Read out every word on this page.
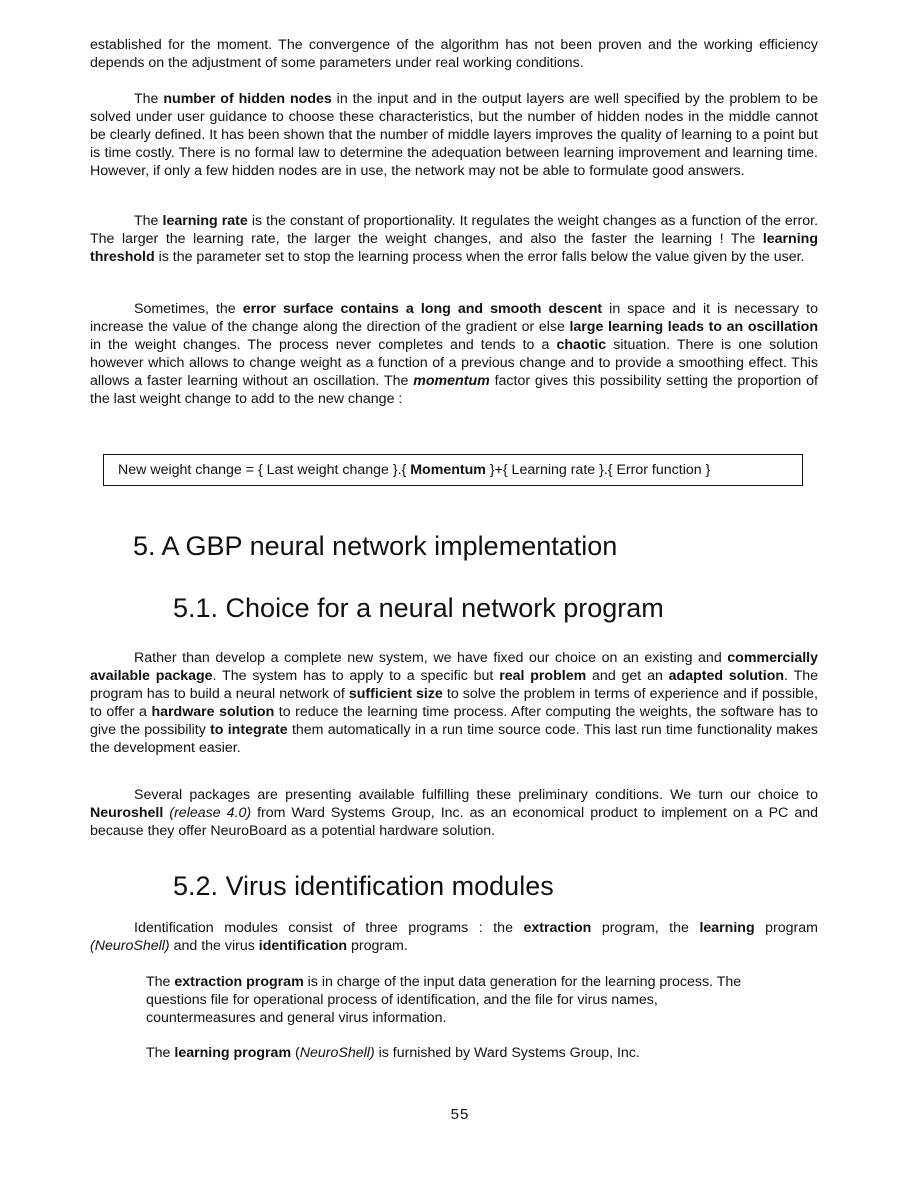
established for the moment. The convergence of the algorithm has not been proven and the working efficiency depends on the adjustment of some parameters under real working conditions.

The number of hidden nodes in the input and in the output layers are well specified by the problem to be solved under user guidance to choose these characteristics, but the number of hidden nodes in the middle cannot be clearly defined. It has been shown that the number of middle layers improves the quality of learning to a point but is time costly. There is no formal law to determine the adequation between learning improvement and learning time. However, if only a few hidden nodes are in use, the network may not be able to formulate good answers.

The learning rate is the constant of proportionality. It regulates the weight changes as a function of the error. The larger the learning rate, the larger the weight changes, and also the faster the learning ! The learning threshold is the parameter set to stop the learning process when the error falls below the value given by the user.

Sometimes, the error surface contains a long and smooth descent in space and it is necessary to increase the value of the change along the direction of the gradient or else large learning leads to an oscillation in the weight changes. The process never completes and tends to a chaotic situation. There is one solution however which allows to change weight as a function of a previous change and to provide a smoothing effect. This allows a faster learning without an oscillation. The momentum factor gives this possibility setting the proportion of the last weight change to add to the new change :

New weight change = { Last weight change }.{ Momentum }+{ Learning rate }.{ Error function }
5. A GBP neural network implementation
5.1. Choice for a neural network program

Rather than develop a complete new system, we have fixed our choice on an existing and commercially available package. The system has to apply to a specific but real problem and get an adapted solution. The program has to build a neural network of sufficient size to solve the problem in terms of experience and if possible, to offer a hardware solution to reduce the learning time process. After computing the weights, the software has to give the possibility to integrate them automatically in a run time source code. This last run time functionality makes the development easier.

Several packages are presenting available fulfilling these preliminary conditions. We turn our choice to Neuroshell (release 4.0) from Ward Systems Group, Inc. as an economical product to implement on a PC and because they offer NeuroBoard as a potential hardware solution.

5.2. Virus identification modules

Identification modules consist of three programs : the extraction program, the learning program (NeuroShell) and the virus identification program.

The extraction program is in charge of the input data generation for the learning process. The questions file for operational process of identification, and the file for virus names, countermeasures and general virus information.

The learning program (NeuroShell) is furnished by Ward Systems Group, Inc.

55
